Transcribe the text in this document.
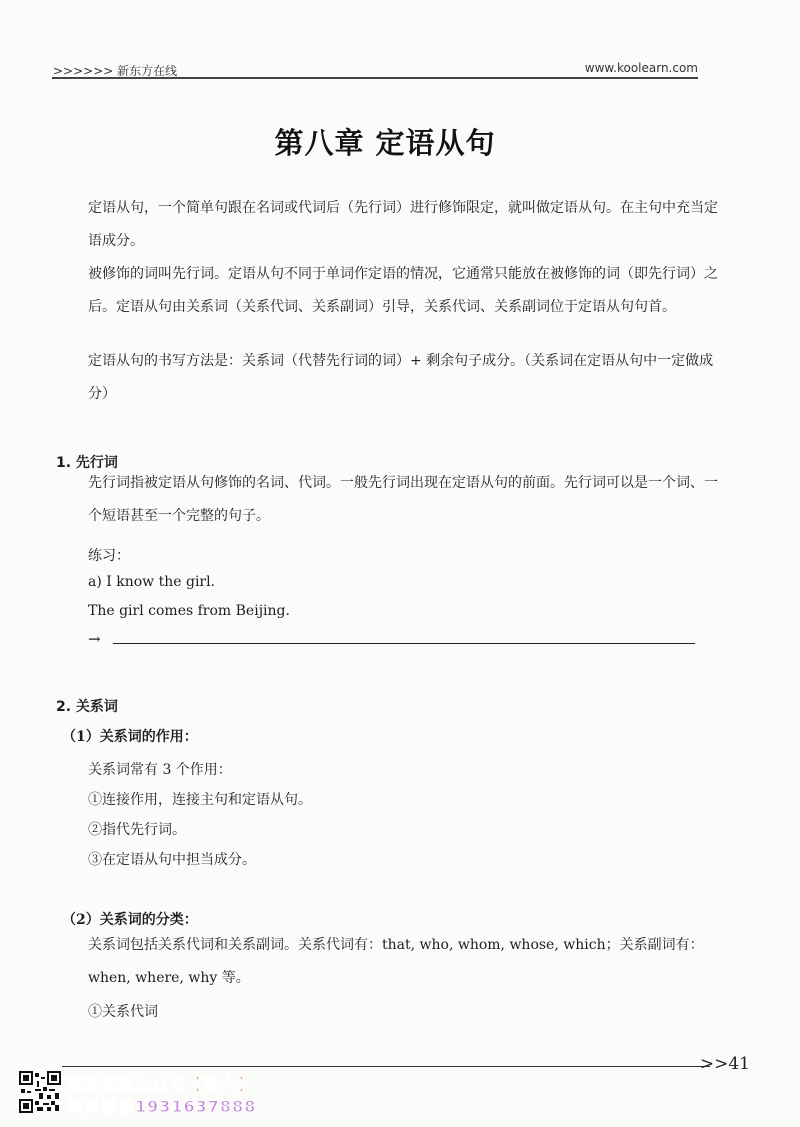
>>>>>> 新东方在线	www.koolearn.com
第八章 定语从句
定语从句，一个简单句跟在名词或代词后（先行词）进行修饰限定，就叫做定语从句。在主句中充当定语成分。
被修饰的词叫先行词。定语从句不同于单词作定语的情况，它通常只能放在被修饰的词（即先行词）之后。定语从句由关系词（关系代词、关系副词）引导，关系代词、关系副词位于定语从句句首。
定语从句的书写方法是：关系词（代替先行词的词）+ 剩余句子成分。（关系词在定语从句中一定做成分）
1. 先行词
先行词指被定语从句修饰的名词、代词。一般先行词出现在定语从句的前面。先行词可以是一个词、一个短语甚至一个完整的句子。
练习：
a) I know the girl.
The girl comes from Beijing.
→
2. 关系词
（1）关系词的作用：
关系词常有 3 个作用：
①连接作用，连接主句和定语从句。
②指代先行词。
③在定语从句中担当成分。
（2）关系词的分类：
关系词包括关系代词和关系副词。关系代词有：that, who, whom, whose, which；关系副词有：when, where, why 等。
①关系代词
>>41
配套课程公众号【研大】
联系微信1931637888
